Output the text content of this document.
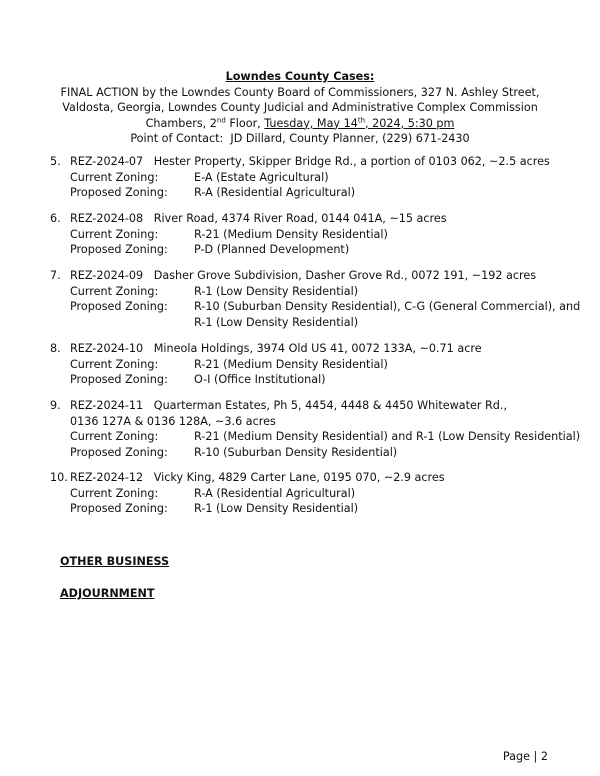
Lowndes County Cases:
FINAL ACTION by the Lowndes County Board of Commissioners, 327 N. Ashley Street,
Valdosta, Georgia, Lowndes County Judicial and Administrative Complex Commission
Chambers, 2nd Floor, Tuesday, May 14th, 2024, 5:30 pm
Point of Contact:  JD Dillard, County Planner, (229) 671-2430
5. REZ-2024-07   Hester Property, Skipper Bridge Rd., a portion of 0103 062, ~2.5 acres
Current Zoning:	E-A (Estate Agricultural)
Proposed Zoning:	R-A (Residential Agricultural)
6. REZ-2024-08   River Road, 4374 River Road, 0144 041A, ~15 acres
Current Zoning:	R-21 (Medium Density Residential)
Proposed Zoning:	P-D (Planned Development)
7. REZ-2024-09   Dasher Grove Subdivision, Dasher Grove Rd., 0072 191, ~192 acres
Current Zoning:	R-1 (Low Density Residential)
Proposed Zoning:	R-10 (Suburban Density Residential), C-G (General Commercial), and
R-1 (Low Density Residential)
8. REZ-2024-10   Mineola Holdings, 3974 Old US 41, 0072 133A, ~0.71 acre
Current Zoning:	R-21 (Medium Density Residential)
Proposed Zoning:	O-I (Office Institutional)
9. REZ-2024-11   Quarterman Estates, Ph 5, 4454, 4448 & 4450 Whitewater Rd.,
0136 127A & 0136 128A, ~3.6 acres
Current Zoning:	R-21 (Medium Density Residential) and R-1 (Low Density Residential)
Proposed Zoning:	R-10 (Suburban Density Residential)
10. REZ-2024-12   Vicky King, 4829 Carter Lane, 0195 070, ~2.9 acres
Current Zoning:	R-A (Residential Agricultural)
Proposed Zoning:	R-1 (Low Density Residential)
OTHER BUSINESS
ADJOURNMENT
Page | 2
